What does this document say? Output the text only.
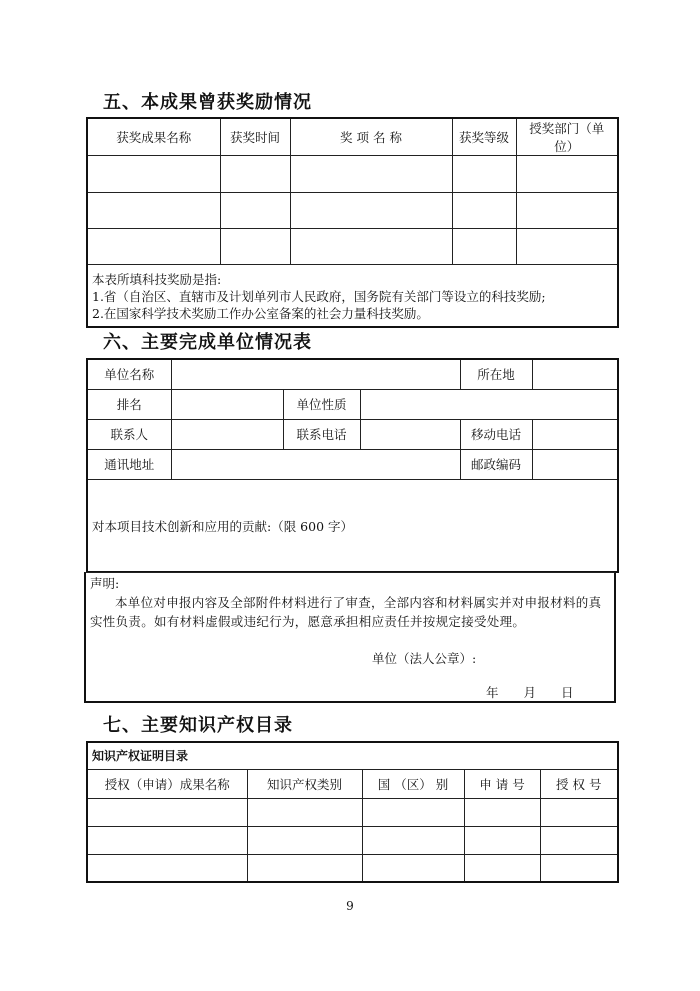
五、本成果曾获奖励情况
获奖成果名称	获奖时间	奖 项 名 称	获奖等级	授奖部门（单位）

本表所填科技奖励是指:
1.省（自治区、直辖市及计划单列市人民政府，国务院有关部门等设立的科技奖励;
2.在国家科学技术奖励工作办公室备案的社会力量科技奖励。				
六、主要完成单位情况表
单位名称				所在地	
排名		单位性质			
联系人		联系电话		移动电话	
通讯地址				邮政编码	
对本项目技术创新和应用的贡献:（限 600 字）					
声明:
本单位对申报内容及全部附件材料进行了审查，全部内容和材料属实并对申报材料的真实性负责。如有材料虚假或违纪行为，愿意承担相应责任并按规定接受处理。
单位（法人公章）:
年　　月　　日
七、主要知识产权目录
知识产权证明目录				
授权（申请）成果名称	知识产权类别	国 （区） 别	申 请 号	授 权 号

9
